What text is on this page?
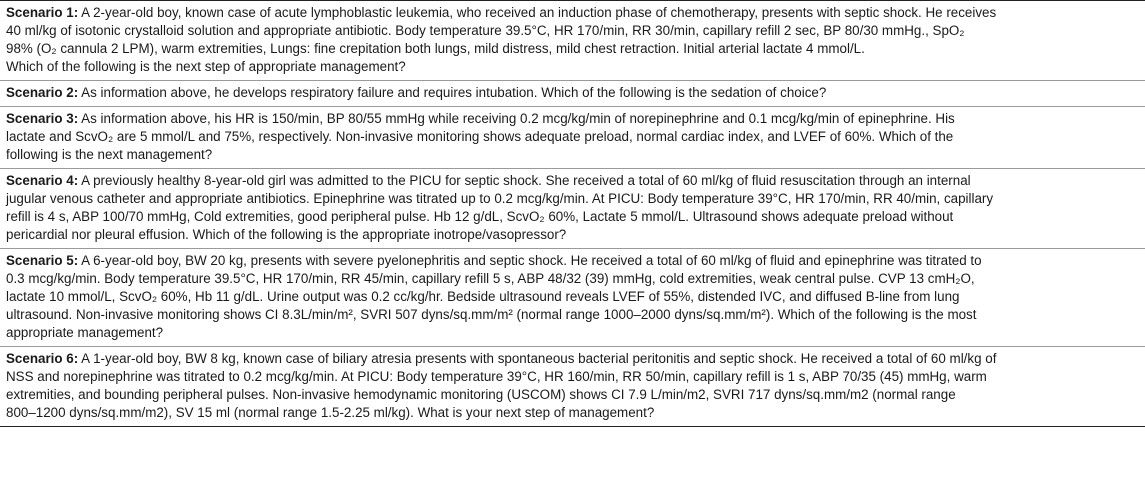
Scenario 1: A 2-year-old boy, known case of acute lymphoblastic leukemia, who received an induction phase of chemotherapy, presents with septic shock. He receives
40 ml/kg of isotonic crystalloid solution and appropriate antibiotic. Body temperature 39.5°C, HR 170/min, RR 30/min, capillary refill 2 sec, BP 80/30 mmHg., SpO₂
98% (O₂ cannula 2 LPM), warm extremities, Lungs: fine crepitation both lungs, mild distress, mild chest retraction. Initial arterial lactate 4 mmol/L.
Which of the following is the next step of appropriate management?
Scenario 2: As information above, he develops respiratory failure and requires intubation. Which of the following is the sedation of choice?
Scenario 3: As information above, his HR is 150/min, BP 80/55 mmHg while receiving 0.2 mcg/kg/min of norepinephrine and 0.1 mcg/kg/min of epinephrine. His
lactate and ScvO₂ are 5 mmol/L and 75%, respectively. Non-invasive monitoring shows adequate preload, normal cardiac index, and LVEF of 60%. Which of the
following is the next management?
Scenario 4: A previously healthy 8-year-old girl was admitted to the PICU for septic shock. She received a total of 60 ml/kg of fluid resuscitation through an internal
jugular venous catheter and appropriate antibiotics. Epinephrine was titrated up to 0.2 mcg/kg/min. At PICU: Body temperature 39°C, HR 170/min, RR 40/min, capillary
refill is 4 s, ABP 100/70 mmHg, Cold extremities, good peripheral pulse. Hb 12 g/dL, ScvO₂ 60%, Lactate 5 mmol/L. Ultrasound shows adequate preload without
pericardial nor pleural effusion. Which of the following is the appropriate inotrope/vasopressor?
Scenario 5: A 6-year-old boy, BW 20 kg, presents with severe pyelonephritis and septic shock. He received a total of 60 ml/kg of fluid and epinephrine was titrated to
0.3 mcg/kg/min. Body temperature 39.5°C, HR 170/min, RR 45/min, capillary refill 5 s, ABP 48/32 (39) mmHg, cold extremities, weak central pulse. CVP 13 cmH₂O,
lactate 10 mmol/L, ScvO₂ 60%, Hb 11 g/dL. Urine output was 0.2 cc/kg/hr. Bedside ultrasound reveals LVEF of 55%, distended IVC, and diffused B-line from lung
ultrasound. Non-invasive monitoring shows CI 8.3L/min/m², SVRI 507 dyns/sq.mm/m² (normal range 1000–2000 dyns/sq.mm/m²). Which of the following is the most
appropriate management?
Scenario 6: A 1-year-old boy, BW 8 kg, known case of biliary atresia presents with spontaneous bacterial peritonitis and septic shock. He received a total of 60 ml/kg of
NSS and norepinephrine was titrated to 0.2 mcg/kg/min. At PICU: Body temperature 39°C, HR 160/min, RR 50/min, capillary refill is 1 s, ABP 70/35 (45) mmHg, warm
extremities, and bounding peripheral pulses. Non-invasive hemodynamic monitoring (USCOM) shows CI 7.9 L/min/m2, SVRI 717 dyns/sq.mm/m2 (normal range
800–1200 dyns/sq.mm/m2), SV 15 ml (normal range 1.5-2.25 ml/kg). What is your next step of management?
